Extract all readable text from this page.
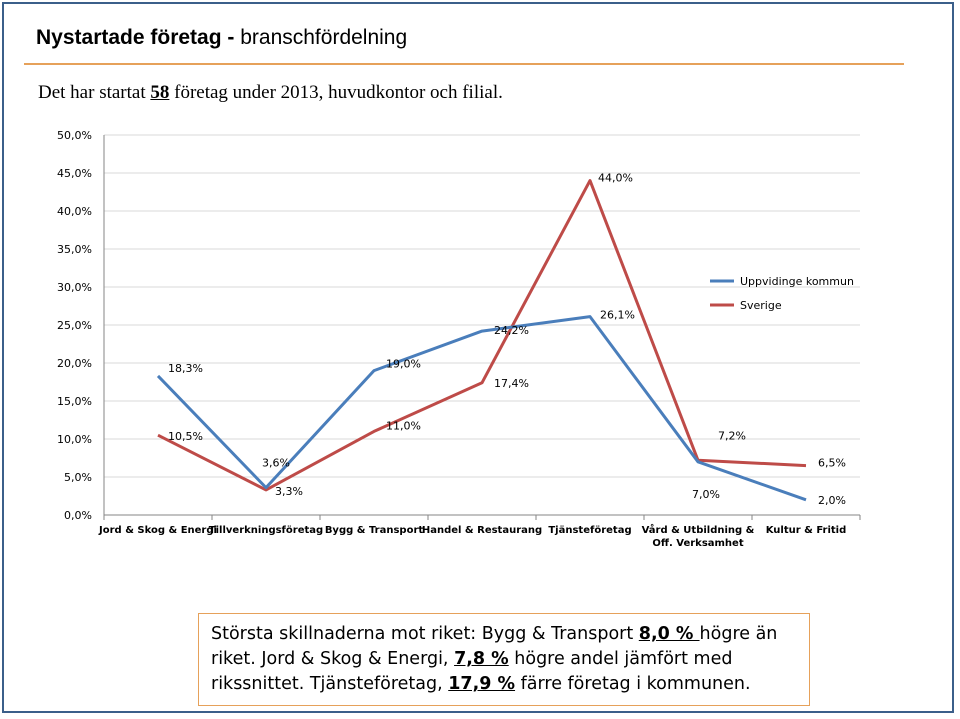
Nystartade företag - branschfördelning
Det har startat 58 företag under 2013, huvudkontor och filial.
0,0%
5,0%
10,0%
15,0%
20,0%
25,0%
30,0%
35,0%
40,0%
45,0%
50,0%
Jord & Skog & Energi
Tillverkningsföretag Bygg & Transport
Handel & Restaurang Tjänsteföretag Vård & Utbildning &
Off. Verksamhet
Kultur & Fritid
18,3%
3,6%
19,0%
24,2%
26,1%
7,0%	2,0%
10,5%
3,3%
11,0%
17,4%
44,0%
7,2%
6,5%
Uppvidinge kommun
Sverige
Största skillnaderna mot riket: Bygg & Transport 8,0 % högre än riket. Jord & Skog & Energi, 7,8 % högre andel jämfört med rikssnittet. Tjänsteföretag, 17,9 % färre företag i kommunen.
